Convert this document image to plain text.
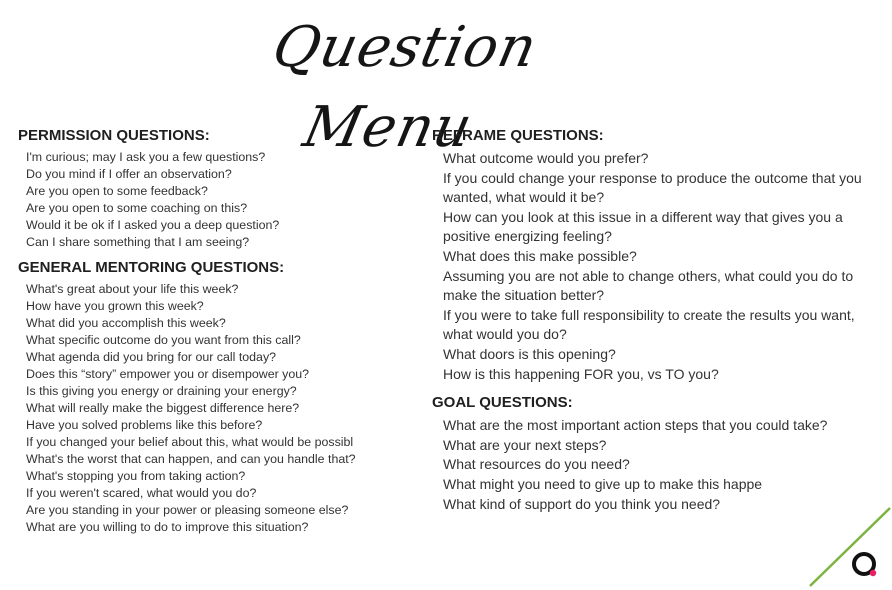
Question Menu
PERMISSION QUESTIONS:
I'm curious; may I ask you a few questions?
Do you mind if I offer an observation?
Are you open to some feedback?
Are you open to some coaching on this?
Would it be ok if I asked you a deep question?
Can I share something that I am seeing?
GENERAL MENTORING QUESTIONS:
What's great about your life this week?
How have you grown this week?
What did you accomplish this week?
What specific outcome do you want from this call?
What agenda did you bring for our call today?
Does this “story” empower you or disempower you?
Is this giving you energy or draining your energy?
What will really make the biggest difference here?
Have you solved problems like this before?
If you changed your belief about this, what would be possibl
What's the worst that can happen, and can you handle that?
What's stopping you from taking action?
If you weren't scared, what would you do?
Are you standing in your power or pleasing someone else?
What are you willing to do to improve this situation?
REFRAME QUESTIONS:
What outcome would you prefer?
If you could change your response to produce the outcome that you wanted, what would it be?
How can you look at this issue in a different way that gives you a positive energizing feeling?
What does this make possible?
Assuming you are not able to change others, what could you do to make the situation better?
If you were to take full responsibility to create the results you want, what would you do?
What doors is this opening?
How is this happening FOR you, vs TO you?
GOAL QUESTIONS:
What are the most important action steps that you could take?
What are your next steps?
What resources do you need?
What might you need to give up to make this happe
What kind of support do you think you need?
